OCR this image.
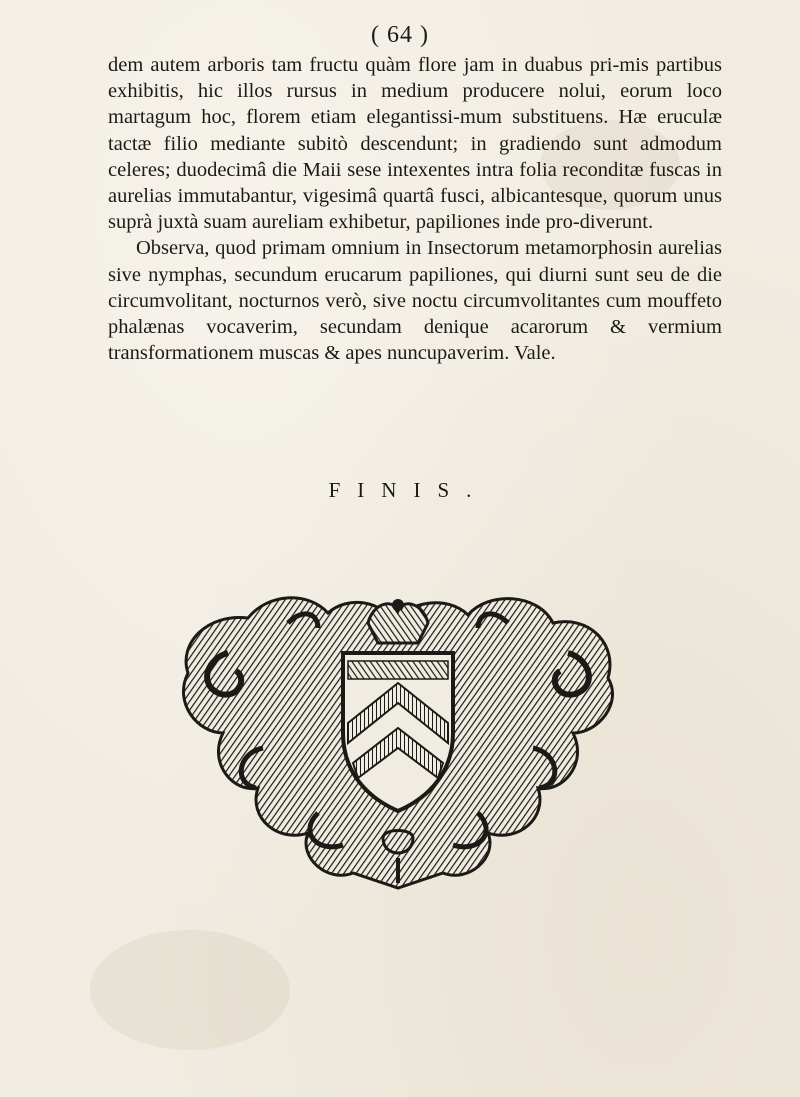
( 64 )

dem autem arboris tam fructu quàm flore jam in duabus pri-mis partibus exhibitis, hic illos rursus in medium producere nolui, eorum loco martagum hoc, florem etiam elegantissi-mum substituens. Hæ eruculæ tactæ filio mediante subitò descendunt; in gradiendo sunt admodum celeres; duodecimâ die Maii sese intexentes intra folia reconditæ fuscas in aurelias immutabantur, vigesimâ quartâ fusci, albicantesque, quorum unus suprà juxtà suam aureliam exhibetur, papiliones inde pro-diverunt.

Observa, quod primam omnium in Insectorum metamorphosin aurelias sive nymphas, secundum erucarum papiliones, qui diurni sunt seu de die circumvolitant, nocturnos verò, sive noctu circumvolitantes cum mouffeto phalænas vocaverim, secundam denique acarorum & vermium transformationem muscas & apes nuncupaverim. Vale.

FINIS.
